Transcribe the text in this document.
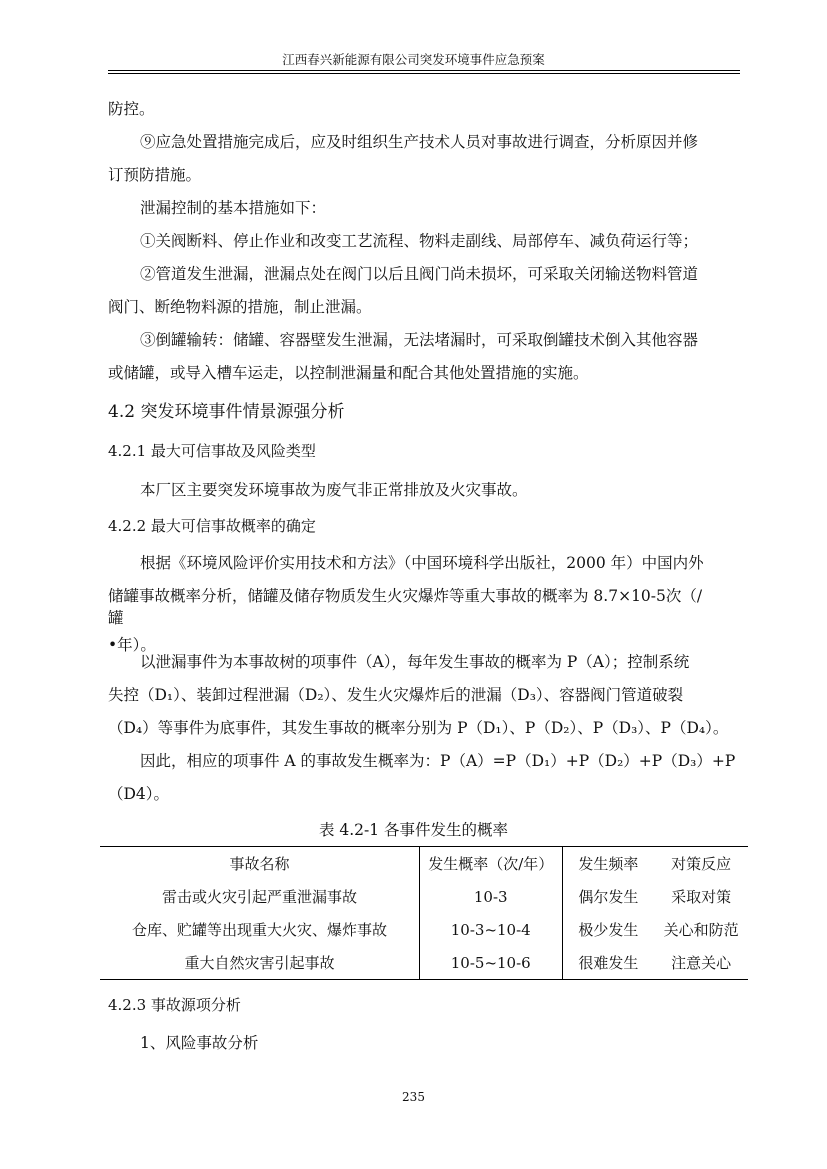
江西春兴新能源有限公司突发环境事件应急预案
防控。
⑨应急处置措施完成后，应及时组织生产技术人员对事故进行调查，分析原因并修
订预防措施。
泄漏控制的基本措施如下：
①关阀断料、停止作业和改变工艺流程、物料走副线、局部停车、减负荷运行等；
②管道发生泄漏，泄漏点处在阀门以后且阀门尚未损坏，可采取关闭输送物料管道
阀门、断绝物料源的措施，制止泄漏。
③倒罐输转：储罐、容器壁发生泄漏，无法堵漏时，可采取倒罐技术倒入其他容器
或储罐，或导入槽车运走，以控制泄漏量和配合其他处置措施的实施。
4.2 突发环境事件情景源强分析
4.2.1 最大可信事故及风险类型
本厂区主要突发环境事故为废气非正常排放及火灾事故。
4.2.2 最大可信事故概率的确定
根据《环境风险评价实用技术和方法》（中国环境科学出版社，2000 年）中国内外
储罐事故概率分析，储罐及储存物质发生火灾爆炸等重大事故的概率为 8.7×10-5次（/
罐
•年）。
以泄漏事件为本事故树的项事件（A），每年发生事故的概率为 P（A）；控制系统
失控（D₁）、装卸过程泄漏（D₂）、发生火灾爆炸后的泄漏（D₃）、容器阀门管道破裂
（D₄）等事件为底事件，其发生事故的概率分别为 P（D₁）、P（D₂）、P（D₃）、P（D₄）。
因此，相应的项事件 A 的事故发生概率为：P（A）=P（D₁）+P（D₂）+P（D₃）+P
（D4）。
表 4.2-1 各事件发生的概率
事故名称	发生概率（次/年）	发生频率	对策反应
雷击或火灾引起严重泄漏事故	10-3	偶尔发生	采取对策
仓库、贮罐等出现重大火灾、爆炸事故	10-3~10-4	极少发生	关心和防范
重大自然灾害引起事故	10-5~10-6	很难发生	注意关心
4.2.3 事故源项分析
1、风险事故分析
235
